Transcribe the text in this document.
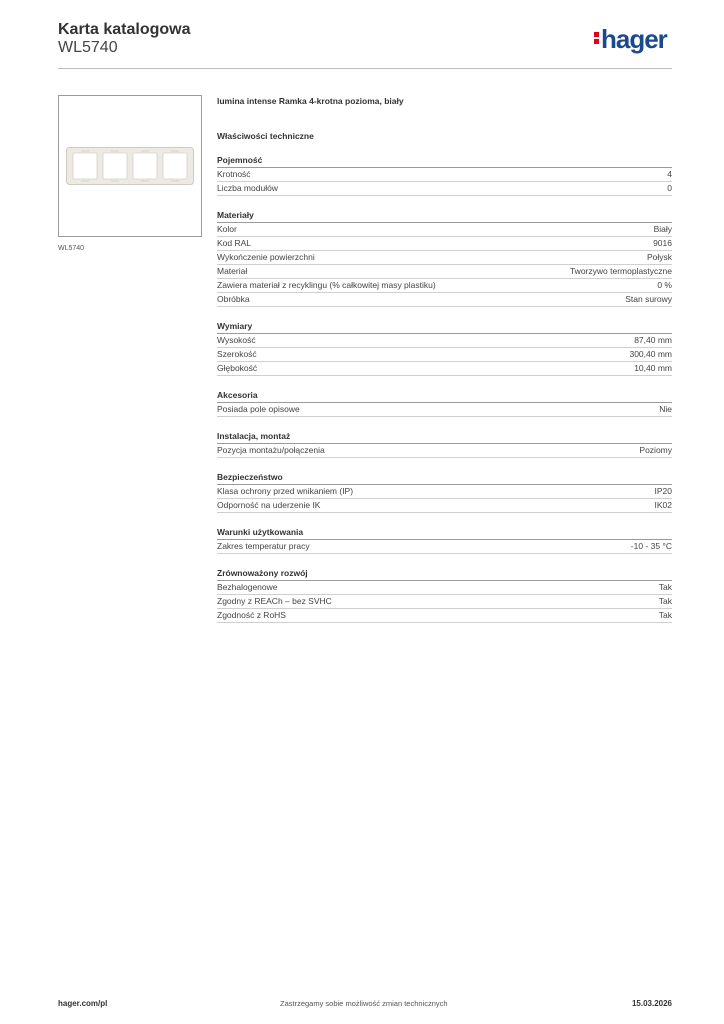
Karta katalogowa
WL5740	hager
WL5740
lumina intense Ramka 4-krotna pozioma, biały
Właściwości techniczne
Pojemność
Krotność	4
Liczba modułów	0
Materiały
Kolor	Biały
Kod RAL	9016
Wykończenie powierzchni	Połysk
Materiał	Tworzywo termoplastyczne
Zawiera materiał z recyklingu (% całkowitej masy plastiku)	0 %
Obróbka	Stan surowy
Wymiary
Wysokość	87,40 mm
Szerokość	300,40 mm
Głębokość	10,40 mm
Akcesoria
Posiada pole opisowe	Nie
Instalacja, montaż
Pozycja montażu/połączenia	Poziomy
Bezpieczeństwo
Klasa ochrony przed wnikaniem (IP)	IP20
Odporność na uderzenie IK	IK02
Warunki użytkowania
Zakres temperatur pracy	-10 - 35 °C
Zrównoważony rozwój
Bezhalogenowe	Tak
Zgodny z REACh – bez SVHC	Tak
Zgodność z RoHS	Tak
hager.com/pl	Zastrzegamy sobie możliwość zmian technicznych	15.03.2026
